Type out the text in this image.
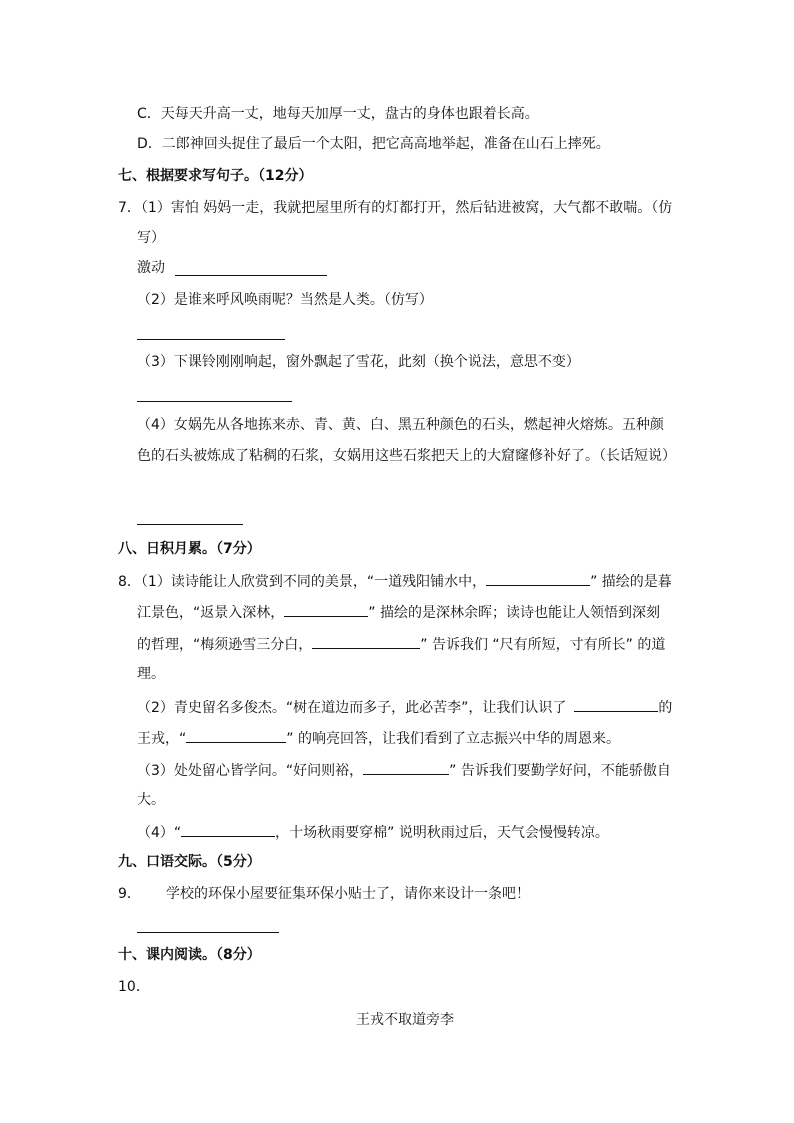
C．天每天升高一丈，地每天加厚一丈，盘古的身体也跟着长高。
D．二郎神回头捉住了最后一个太阳，把它高高地举起，准备在山石上摔死。
七、根据要求写句子。（12分）
7．（1）害怕 妈妈一走，我就把屋里所有的灯都打开，然后钻进被窝，大气都不敢喘。（仿
写）
激动
（2）是谁来呼风唤雨呢？当然是人类。（仿写）
（3）下课铃刚刚响起，窗外飘起了雪花，此刻（换个说法，意思不变）
（4）女娲先从各地拣来赤、青、黄、白、黑五种颜色的石头，燃起神火熔炼。五种颜
色的石头被炼成了粘稠的石浆，女娲用这些石浆把天上的大窟窿修补好了。（长话短说）
八、日积月累。（7分）
8．（1）读诗能让人欣赏到不同的美景，“一道残阳铺水中，	” 描绘的是暮
江景色，“返景入深林，	” 描绘的是深林余晖；读诗也能让人领悟到深刻
的哲理，“梅须逊雪三分白，	” 告诉我们 “尺有所短，寸有所长” 的道
理。
（2）青史留名多俊杰。“树在道边而多子，此必苦李”，让我们认识了	的
王戎，“	” 的响亮回答，让我们看到了立志振兴中华的周恩来。
（3）处处留心皆学问。“好问则裕，	” 告诉我们要勤学好问，不能骄傲自
大。
（4）“	，十场秋雨要穿棉” 说明秋雨过后，天气会慢慢转凉。
九、口语交际。（5分）
9． 学校的环保小屋要征集环保小贴士了，请你来设计一条吧！
十、课内阅读。（8分）
10．
王戎不取道旁李
